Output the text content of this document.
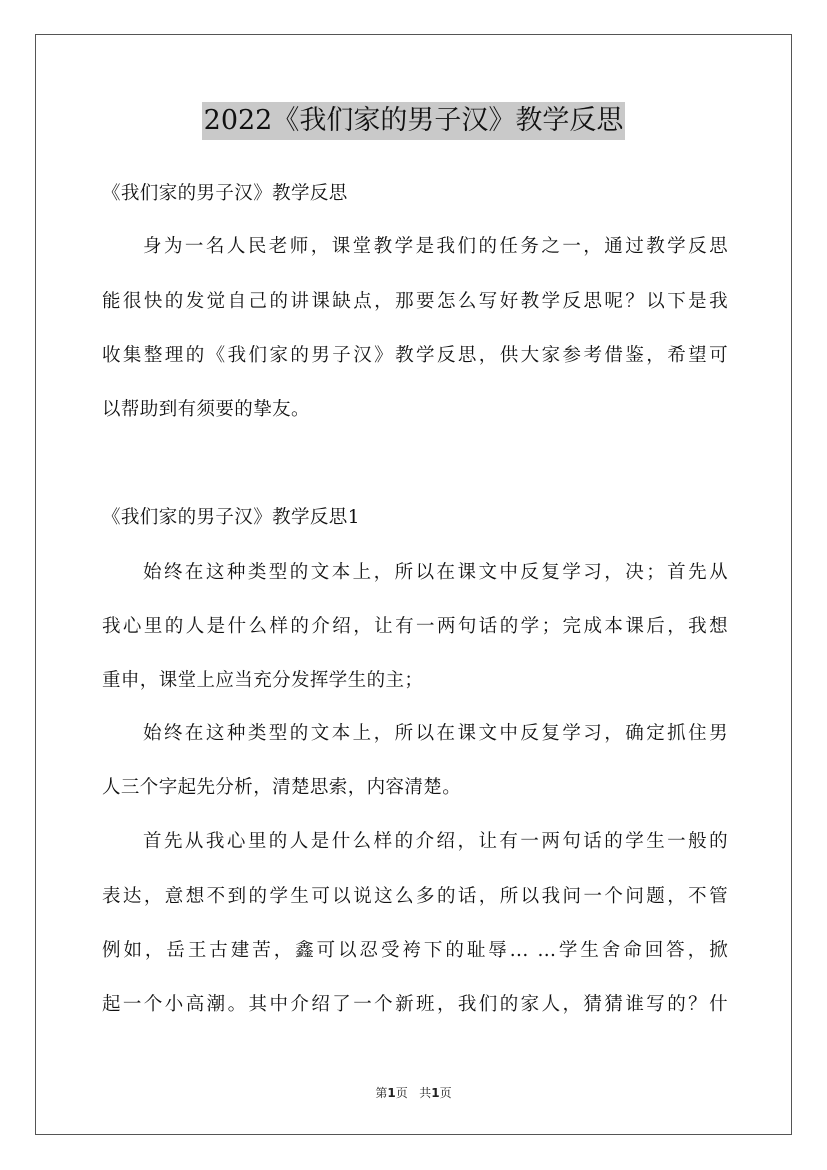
2022《我们家的男子汉》教学反思
《我们家的男子汉》教学反思
身为一名人民老师，课堂教学是我们的任务之一，通过教学反思
能很快的发觉自己的讲课缺点，那要怎么写好教学反思呢？以下是我
收集整理的《我们家的男子汉》教学反思，供大家参考借鉴，希望可
以帮助到有须要的挚友。
《我们家的男子汉》教学反思1
始终在这种类型的文本上，所以在课文中反复学习，决；首先从
我心里的人是什么样的介绍，让有一两句话的学；完成本课后，我想
重申，课堂上应当充分发挥学生的主；
始终在这种类型的文本上，所以在课文中反复学习，确定抓住男
人三个字起先分析，清楚思索，内容清楚。
首先从我心里的人是什么样的介绍，让有一两句话的学生一般的
表达，意想不到的学生可以说这么多的话，所以我问一个问题，不管
例如，岳王古建苦，鑫可以忍受袴下的耻辱... ...学生舍命回答，掀
起一个小高潮。其中介绍了一个新班，我们的家人，猜猜谁写的？什
第1页 共1页
